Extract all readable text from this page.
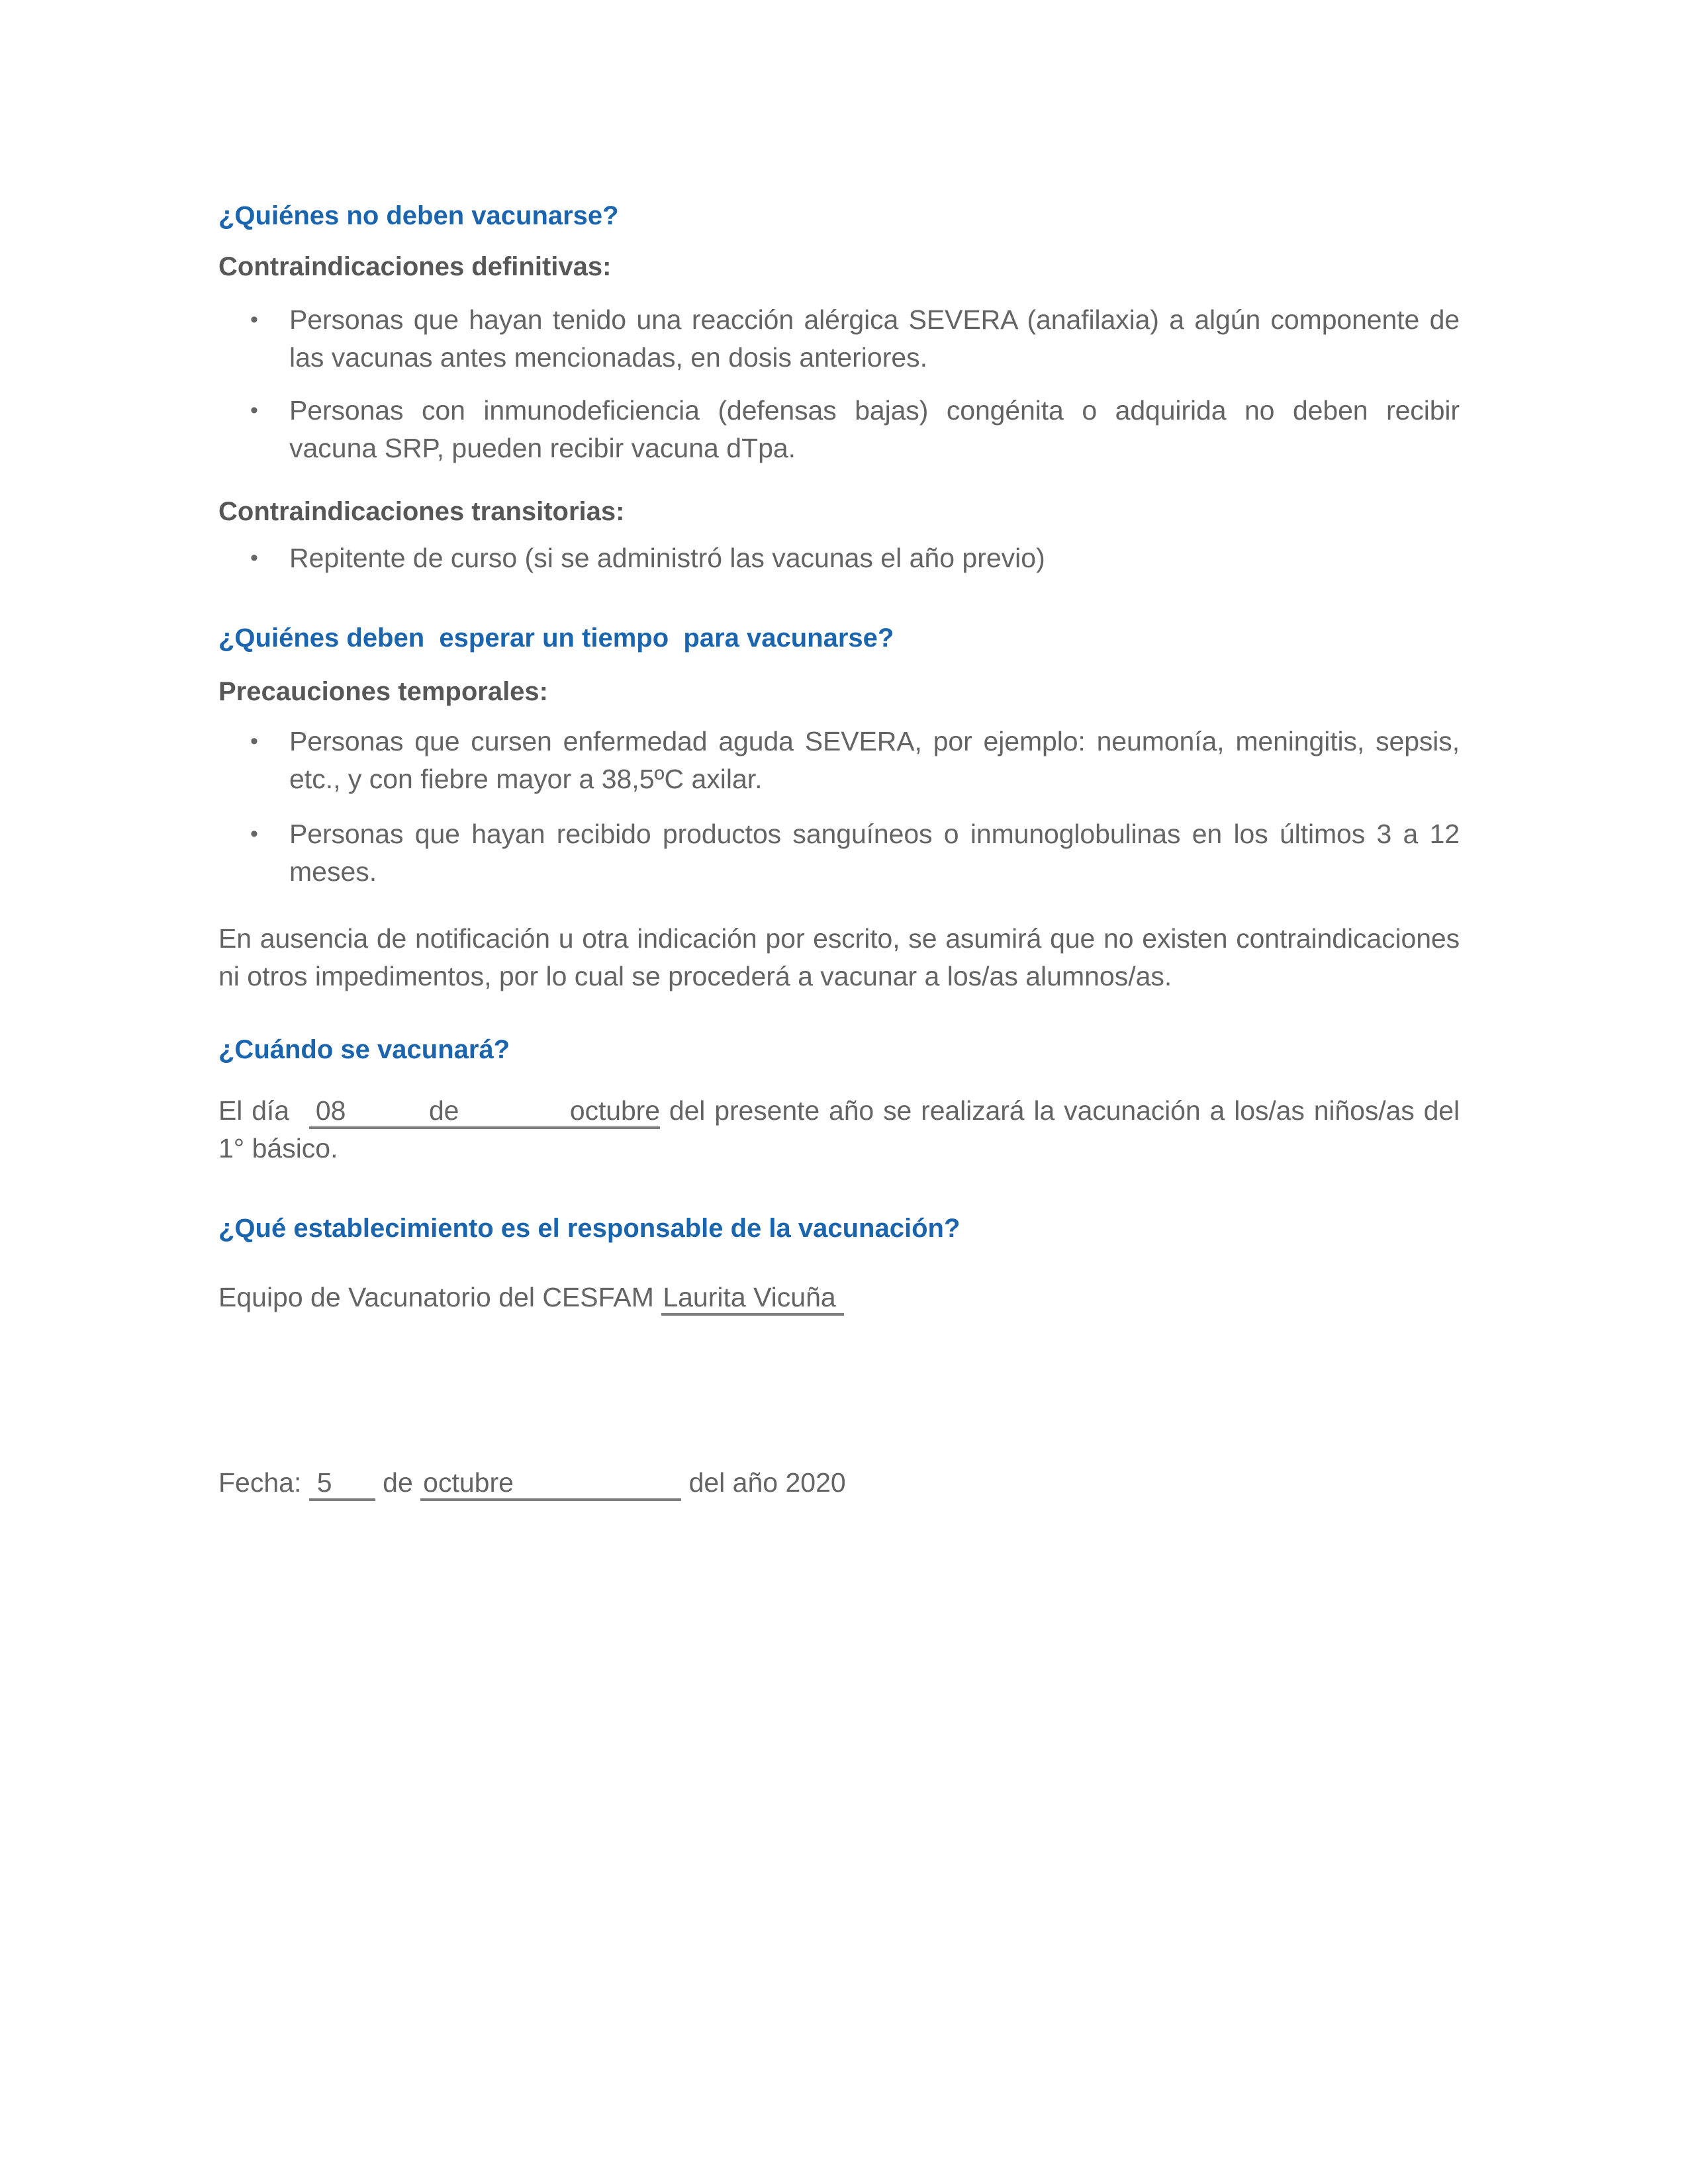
¿Quiénes no deben vacunarse?
Contraindicaciones definitivas:
•	Personas que hayan tenido una reacción alérgica SEVERA (anafilaxia) a algún componente de
las vacunas antes mencionadas, en dosis anteriores.
•	Personas con inmunodeficiencia (defensas bajas) congénita o adquirida no deben recibir
vacuna SRP, pueden recibir vacuna dTpa.
Contraindicaciones transitorias:
•	Repitente de curso (si se administró las vacunas el año previo)
¿Quiénes deben  esperar un tiempo  para vacunarse?
Precauciones temporales:
•	Personas que cursen enfermedad aguda SEVERA, por ejemplo: neumonía, meningitis, sepsis,
etc., y con fiebre mayor a 38,5ºC axilar.
•	Personas que hayan recibido productos sanguíneos o inmunoglobulinas en los últimos 3 a 12
meses.
En ausencia de notificación u otra indicación por escrito, se asumirá que no existen contraindicaciones
ni otros impedimentos, por lo cual se procederá a vacunar a los/as alumnos/as.
¿Cuándo se vacunará?
El día 08   de    octubre del presente año se realizará la vacunación a los/as niños/as del
1° básico.
¿Qué establecimiento es el responsable de la vacunación?
Equipo de Vacunatorio del CESFAM Laurita Vicuña
Fecha: 5 de octubre	del año 2020
